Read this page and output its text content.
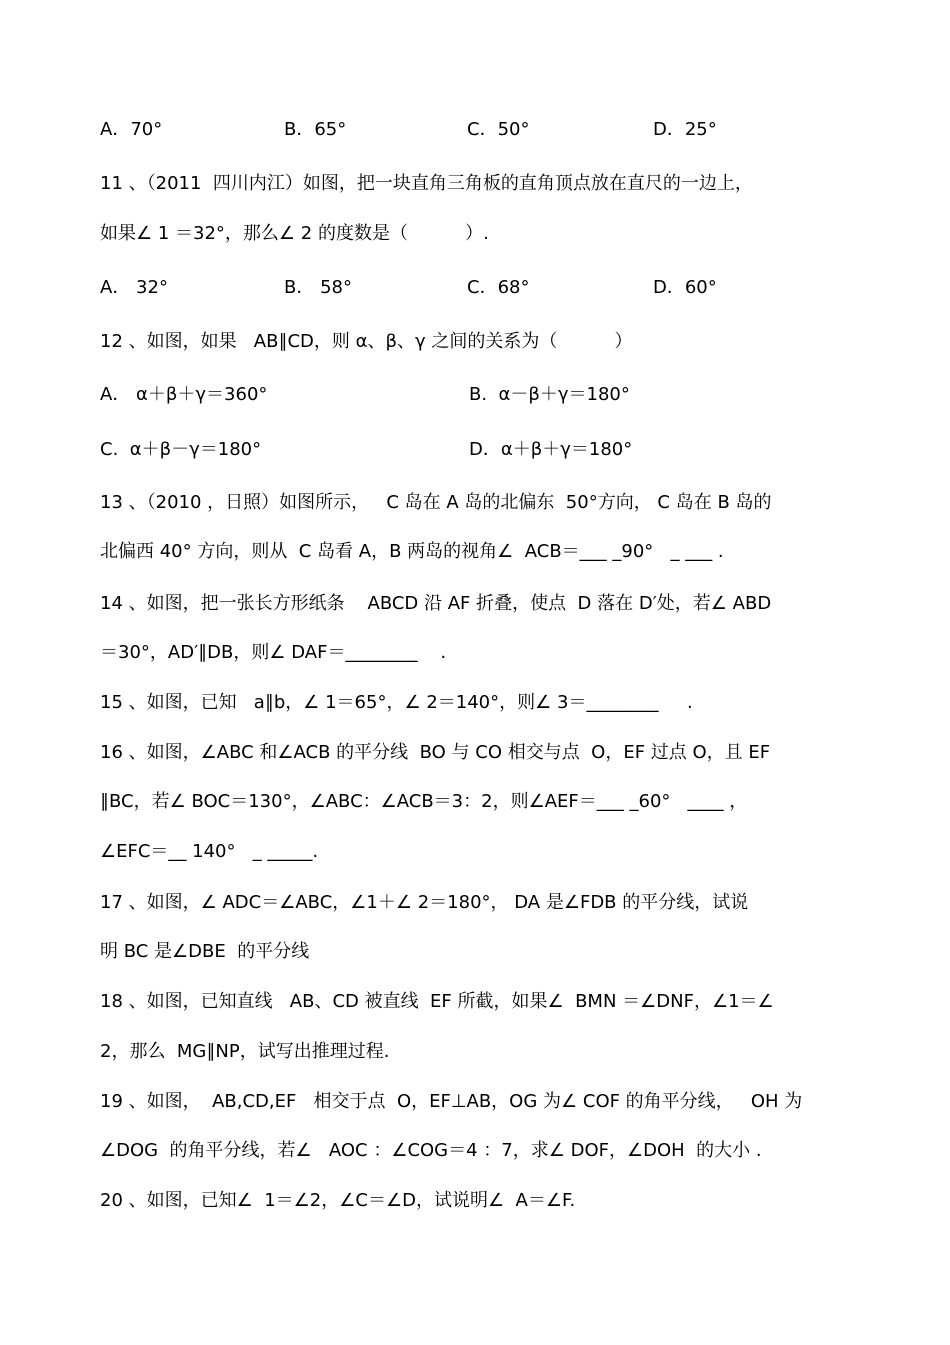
A．70°	B．65°	C．50°	D．25°
11 、（2011  四川内江）如图，把一块直角三角板的直角顶点放在直尺的一边上，
如果∠ 1 ＝32°，那么∠ 2 的度数是（          ）.
A． 32°	B． 58°	C．68°	D．60°
12 、如图，如果   AB∥CD，则 α、β、γ 之间的关系为（          ）
A． α＋β＋γ＝360°	B.  α－β＋γ＝180°
C.  α＋β－γ＝180°	D．α＋β＋γ＝180°
13 、（2010 ，日照）如图所示，   C 岛在 A 岛的北偏东  50°方向， C 岛在 B 岛的
北偏西 40° 方向，则从  C 岛看 A，B 两岛的视角∠  ACB＝___ _90°   _ ___ .
14 、如图，把一张长方形纸条    ABCD 沿 AF 折叠，使点  D 落在 D′处，若∠ ABD
＝30°，AD′∥DB，则∠ DAF＝________    .
15 、如图，已知   a∥b，∠ 1＝65°，∠ 2＝140°，则∠ 3＝________     .
16 、如图，∠ABC 和∠ACB 的平分线  BO 与 CO 相交与点  O，EF 过点 O，且 EF
∥BC，若∠ BOC＝130°，∠ABC：∠ACB＝3：2，则∠AEF＝___ _60°   ____ ，
∠EFC＝__ 140°   _ _____.
17 、如图，∠ ADC＝∠ABC，∠1＋∠ 2＝180°， DA 是∠FDB 的平分线，试说
明 BC 是∠DBE  的平分线
18 、如图，已知直线   AB、CD 被直线  EF 所截，如果∠  BMN ＝∠DNF，∠1＝∠
2，那么  MG∥NP，试写出推理过程.
19 、如图，  AB,CD,EF   相交于点  O，EF⊥AB，OG 为∠ COF 的角平分线，   OH 为
∠DOG  的角平分线，若∠   AOC ：∠COG＝4 ：7，求∠ DOF，∠DOH  的大小 .
20 、如图，已知∠  1＝∠2，∠C＝∠D，试说明∠  A＝∠F.
